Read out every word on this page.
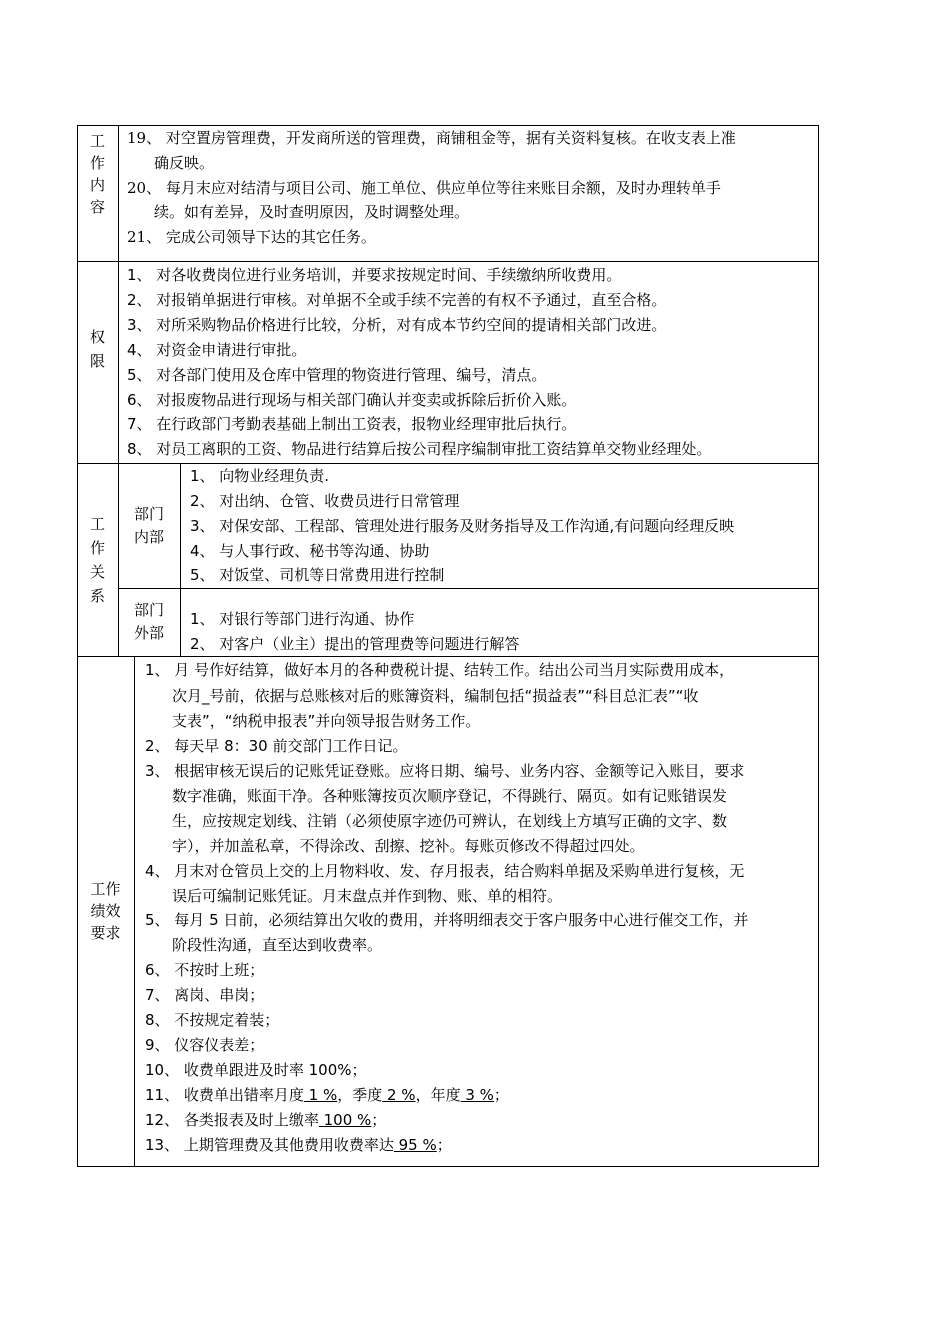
工
作
内
容
19、 对空置房管理费，开发商所送的管理费，商铺租金等，据有关资料复核。在收支表上准
确反映。
20、 每月末应对结清与项目公司、施工单位、供应单位等往来账目余额，及时办理转单手
续。如有差异，及时查明原因，及时调整处理。
21、 完成公司领导下达的其它任务。
权
限
1、 对各收费岗位进行业务培训，并要求按规定时间、手续缴纳所收费用。
2、 对报销单据进行审核。对单据不全或手续不完善的有权不予通过，直至合格。
3、 对所采购物品价格进行比较，分析，对有成本节约空间的提请相关部门改进。
4、 对资金申请进行审批。
5、 对各部门使用及仓库中管理的物资进行管理、编号，清点。
6、 对报废物品进行现场与相关部门确认并变卖或拆除后折价入账。
7、 在行政部门考勤表基础上制出工资表，报物业经理审批后执行。
8、 对员工离职的工资、物品进行结算后按公司程序编制审批工资结算单交物业经理处。
工
作
关
系
部门
内部
1、 向物业经理负责.
2、 对出纳、仓管、收费员进行日常管理
3、 对保安部、工程部、管理处进行服务及财务指导及工作沟通,有问题向经理反映
4、 与人事行政、秘书等沟通、协助
5、 对饭堂、司机等日常费用进行控制
部门
外部
1、 对银行等部门进行沟通、协作
2、 对客户（业主）提出的管理费等问题进行解答
工作
绩效
要求
1、 月 号作好结算，做好本月的各种费税计提、结转工作。结出公司当月实际费用成本，
次月_号前，依据与总账核对后的账簿资料，编制包括“损益表”“科目总汇表”“收
支表”，“纳税申报表”并向领导报告财务工作。
2、 每天早 8：30 前交部门工作日记。
3、 根据审核无误后的记账凭证登账。应将日期、编号、业务内容、金额等记入账目，要求
数字准确，账面干净。各种账簿按页次顺序登记，不得跳行、隔页。如有记账错误发
生，应按规定划线、注销（必须使原字迹仍可辨认，在划线上方填写正确的文字、数
字），并加盖私章，不得涂改、刮擦、挖补。每账页修改不得超过四处。
4、 月末对仓管员上交的上月物料收、发、存月报表，结合购料单据及采购单进行复核，无
误后可编制记账凭证。月末盘点并作到物、账、单的相符。
5、 每月 5 日前，必须结算出欠收的费用，并将明细表交于客户服务中心进行催交工作，并
阶段性沟通，直至达到收费率。
6、 不按时上班；
7、 离岗、串岗；
8、 不按规定着装；
9、 仪容仪表差；
10、 收费单跟进及时率 100%；
11、 收费单出错率月度 1 %，季度 2 %，年度 3 %；
12、 各类报表及时上缴率 100 %；
13、 上期管理费及其他费用收费率达 95 %；
